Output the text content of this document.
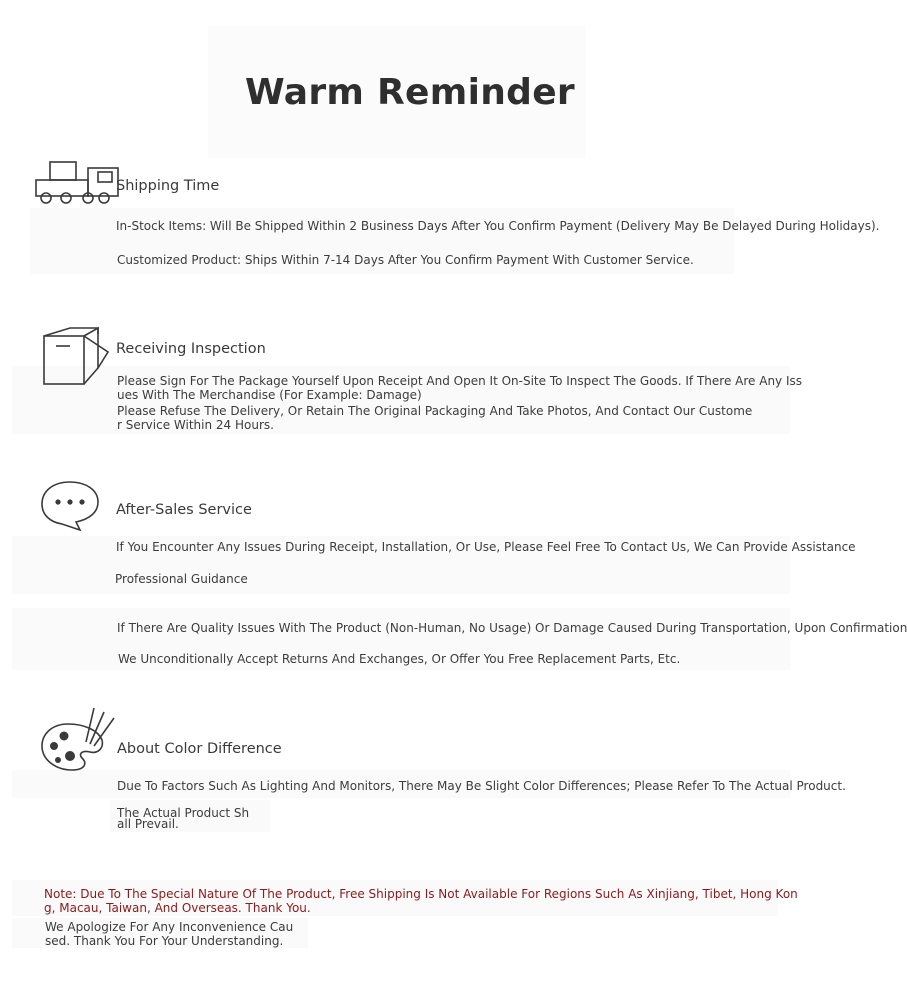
Warm Reminder
Shipping Time
In-Stock Items: Will Be Shipped Within 2 Business Days After You Confirm Payment (Delivery May Be Delayed During Holidays).
Customized Product: Ships Within 7-14 Days After You Confirm Payment With Customer Service.
Receiving Inspection
Please Sign For The Package Yourself Upon Receipt And Open It On-Site To Inspect The Goods. If There Are Any Iss
ues With The Merchandise (For Example: Damage)
Please Refuse The Delivery, Or Retain The Original Packaging And Take Photos, And Contact Our Custome
r Service Within 24 Hours.
After-Sales Service
If You Encounter Any Issues During Receipt, Installation, Or Use, Please Feel Free To Contact Us, We Can Provide Assistance
Professional Guidance
If There Are Quality Issues With The Product (Non-Human, No Usage) Or Damage Caused During Transportation, Upon Confirmation
We Unconditionally Accept Returns And Exchanges, Or Offer You Free Replacement Parts, Etc.
About Color Difference
Due To Factors Such As Lighting And Monitors, There May Be Slight Color Differences; Please Refer To The Actual Product.
The Actual Product Sh
all Prevail.
Note: Due To The Special Nature Of The Product, Free Shipping Is Not Available For Regions Such As Xinjiang, Tibet, Hong Kon
g, Macau, Taiwan, And Overseas. Thank You.
We Apologize For Any Inconvenience Cau
sed. Thank You For Your Understanding.
